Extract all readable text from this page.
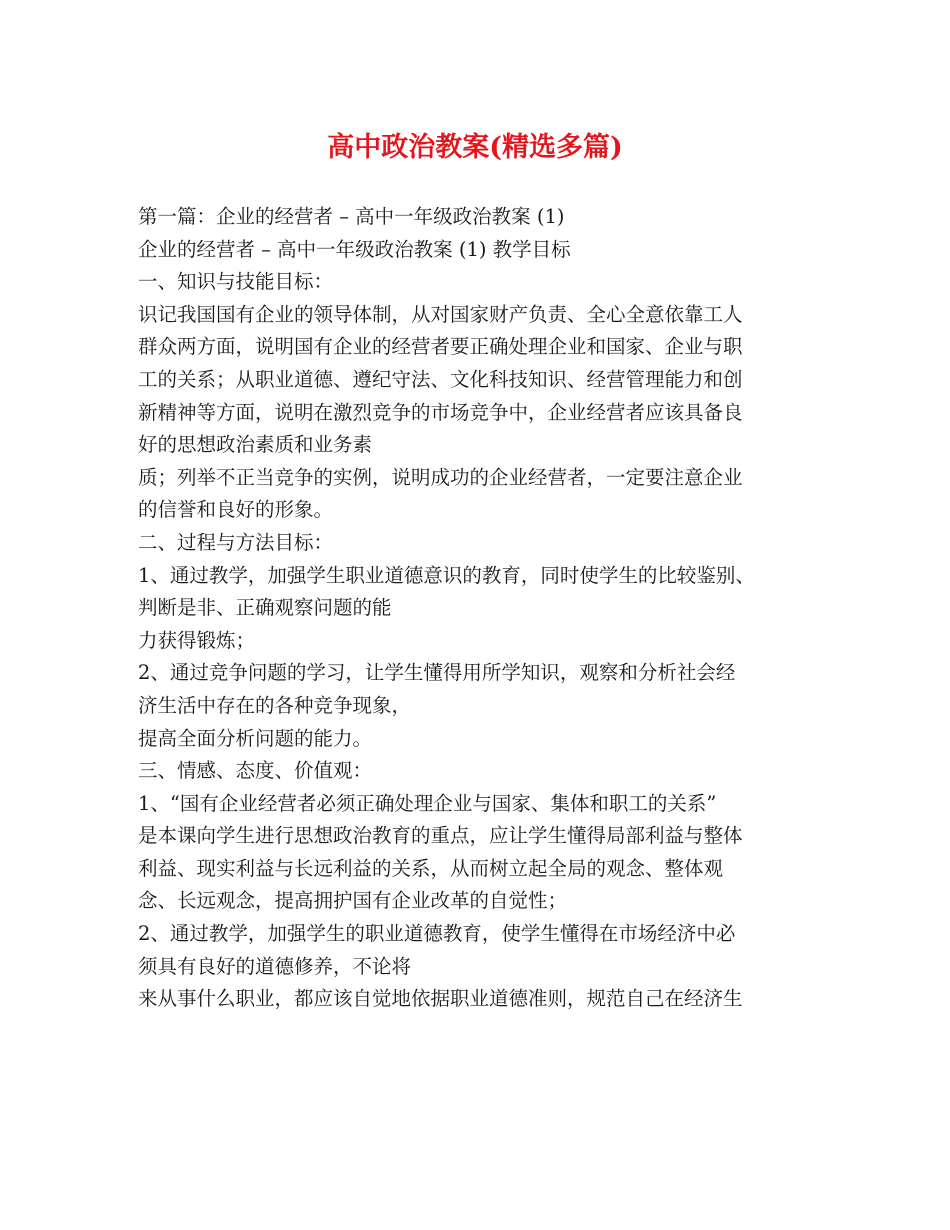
高中政治教案(精选多篇)
第一篇：企业的经营者 – 高中一年级政治教案 (1)
企业的经营者 – 高中一年级政治教案 (1) 教学目标
一、知识与技能目标：
识记我国国有企业的领导体制，从对国家财产负责、全心全意依靠工人
群众两方面，说明国有企业的经营者要正确处理企业和国家、企业与职
工的关系；从职业道德、遵纪守法、文化科技知识、经营管理能力和创
新精神等方面，说明在激烈竞争的市场竞争中，企业经营者应该具备良
好的思想政治素质和业务素
质；列举不正当竞争的实例，说明成功的企业经营者，一定要注意企业
的信誉和良好的形象。
二、过程与方法目标：
1、通过教学，加强学生职业道德意识的教育，同时使学生的比较鉴别、
判断是非、正确观察问题的能
力获得锻炼；
2、通过竞争问题的学习，让学生懂得用所学知识，观察和分析社会经
济生活中存在的各种竞争现象，
提高全面分析问题的能力。
三、情感、态度、价值观：
1、“国有企业经营者必须正确处理企业与国家、集体和职工的关系”
是本课向学生进行思想政治教育的重点，应让学生懂得局部利益与整体
利益、现实利益与长远利益的关系，从而树立起全局的观念、整体观
念、长远观念，提高拥护国有企业改革的自觉性；
2、通过教学，加强学生的职业道德教育，使学生懂得在市场经济中必
须具有良好的道德修养，不论将
来从事什么职业，都应该自觉地依据职业道德准则，规范自己在经济生
